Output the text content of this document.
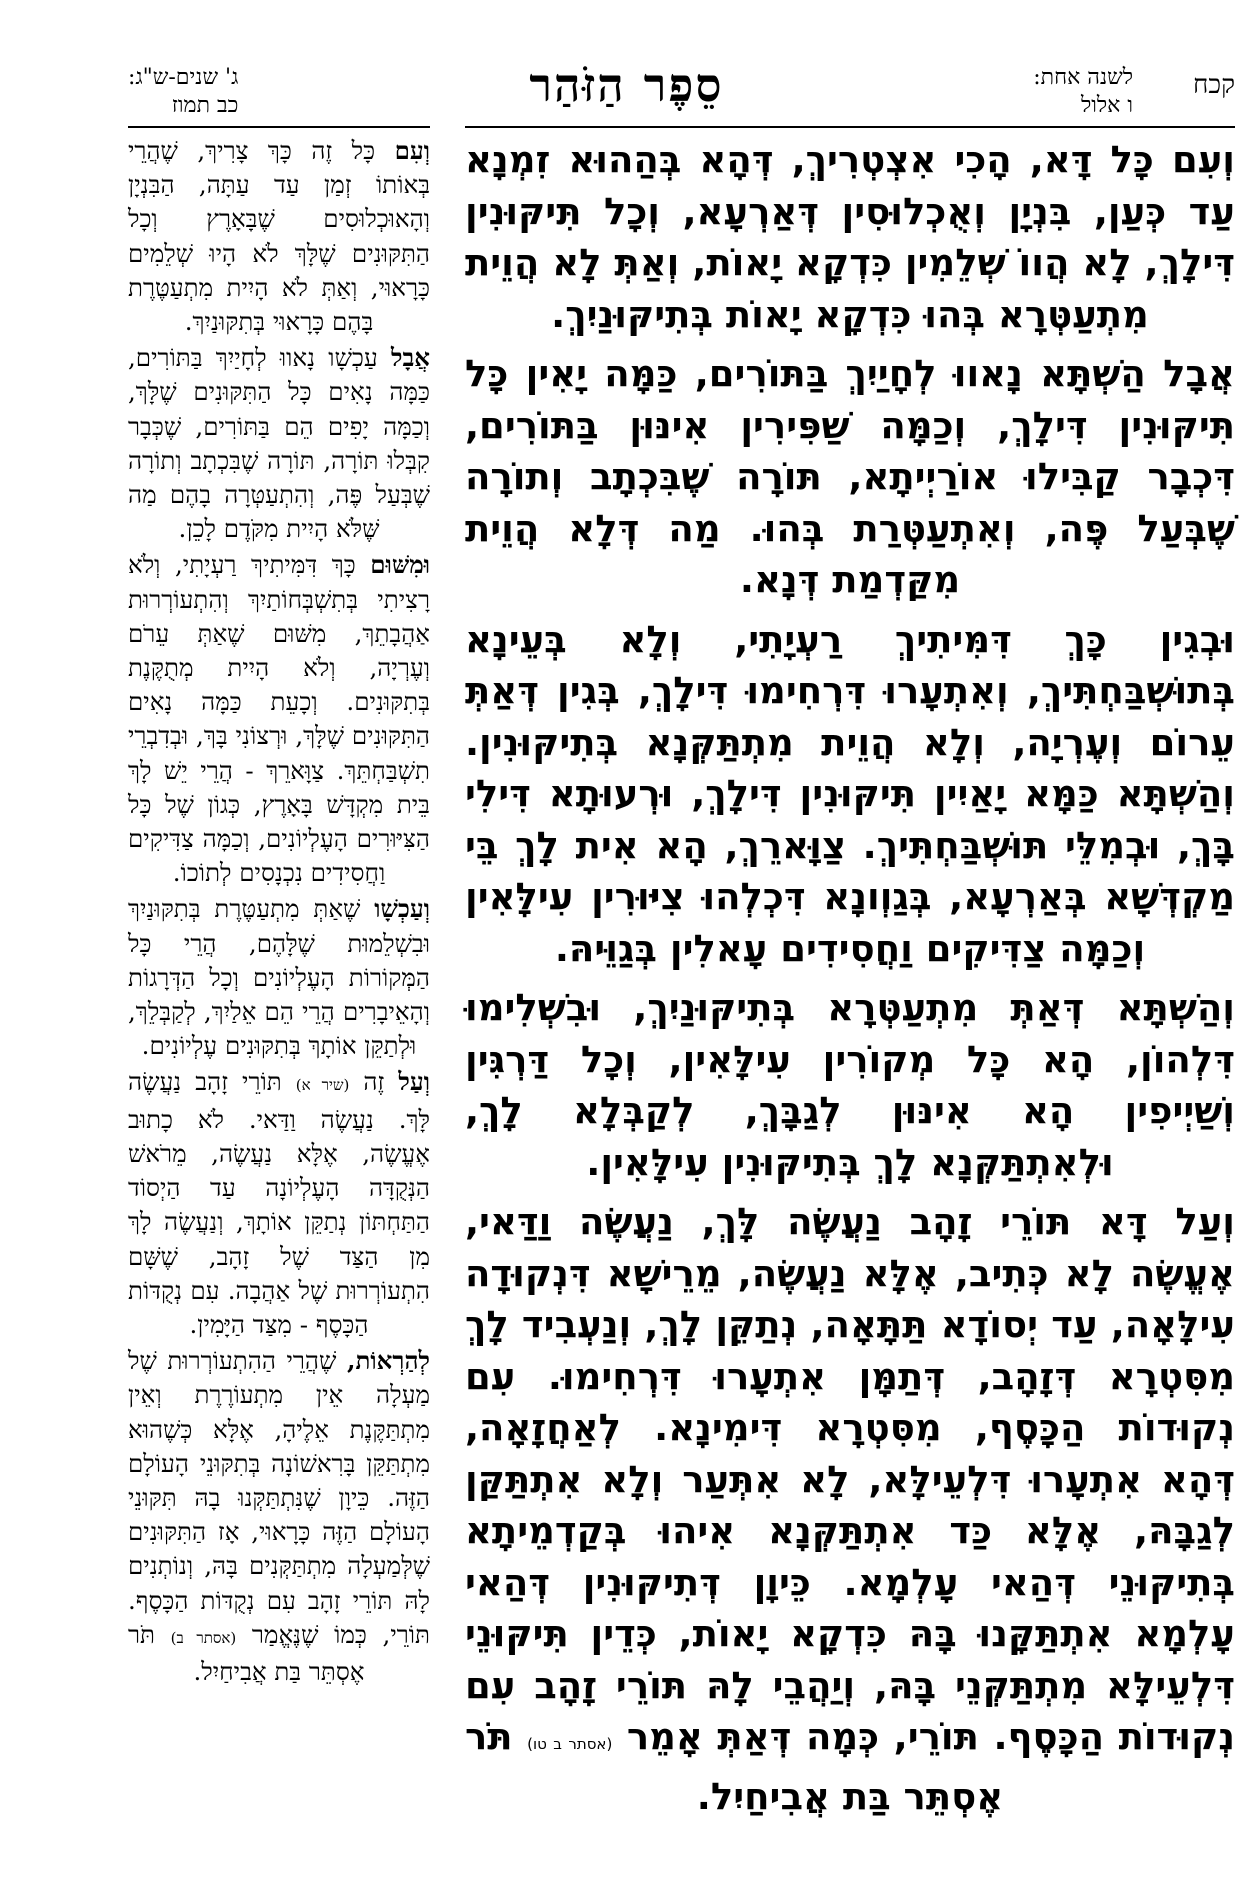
קכח
לשנה אחת:
ו אלול
סֵפֶר הַזֹּהַר
ג' שנים-ש"ג:
כב תמוז

וְעִם כָּל דָּא, הָכִי אִצְטְרִיךְ, דְּהָא בְּהַהוּא זִמְנָא עַד כְּעַן, בִּנְיָן וְאֻכְלוּסִין דְּאַרְעָא, וְכָל תִּיקּוּנִין דִּילָךְ, לָא הֲווֹ שְׁלֵמִין כִּדְקָא יָאוֹת, וְאַתְּ לָא הֲוֵית מִתְעַטְּרָא בְּהוּ כִּדְקָא יָאוֹת בְּתִיקּוּנַיִךְ.

אֲבָל הַשְׁתָּא נָאווּ לְחָיַיִךְ בַּתּוֹרִים, כַּמָּה יָאִין כָּל תִּיקּוּנִין דִּילָךְ, וְכַמָּה שַׁפִּירִין אִינּוּן בַּתּוֹרִים, דִּכְבָר קַבִּילוּ אוֹרַיְיתָא, תּוֹרָה שֶׁבִּכְתָב וְתוֹרָה שֶׁבְּעַל פֶּה, וְאִתְעַטְּרַת בְּהוּ. מַה דְּלָא הֲוֵית מִקַּדְמַת דְּנָא.

וּבְגִין כָּךְ דִּמִּיתִיךְ רַעְיָתִי, וְלָא בְּעֵינָא בְּתוּשְׁבַּחְתִּיךְ, וְאִתְעָרוּ דִּרְחִימוּ דִּילָךְ, בְּגִין דְּאַתְּ עֵרוֹם וְעֶרְיָה, וְלָא הֲוֵית מִתְתַּקְּנָא בְּתִיקּוּנִין. וְהַשְׁתָּא כַּמָּא יָאַיִין תִּיקּוּנִין דִּילָךְ, וּרְעוּתָא דִּילִי בָּךְ, וּבְמִלֵּי תּוּשְׁבַּחְתִּיךְ. צַוָּארֵךְ, הָא אִית לָךְ בֵּי מַקְדְּשָׁא בְּאַרְעָא, בְּגַוְונָא דִּכְלְהוּ צִיּוּרִין עִילָּאִין וְכַמָּה צַדִּיקִים וַחֲסִידִים עָאלִין בְּגַוֵּיהּ.

וְהַשְׁתָּא דְּאַתְּ מִתְעַטְּרָא בְּתִיקּוּנַיִךְ, וּבִשְׁלִימוּ דִּלְהוֹן, הָא כָּל מְקוֹרִין עִילָּאִין, וְכָל דַּרְגִּין וְשַׁיְיפִין הָא אִינּוּן לְגַבָּךְ, לְקַבְּלָא לָךְ, וּלְאִתְתַּקְּנָא לָךְ בְּתִיקּוּנִין עִילָּאִין.

וְעַל דָּא תּוֹרֵי זָהָב נַעֲשֶׂה לָּךְ, נַעֲשֶׂה וַדַּאי, אֶעֱשֶׂה לָא כְּתִיב, אֶלָּא נַעֲשֶׂה, מֵרֵישָׁא דִּנְקוּדָה עִילָּאָה, עַד יְסוֹדָא תַּתָּאָה, נְתַקֵּן לָךְ, וְנַעְבִיד לָךְ מִסִּטְרָא דְּזָהָב, דְּתַמָּן אִתְעָרוּ דִּרְחִימוּ. עִם נְקוּדוֹת הַכָּסֶף, מִסִּטְרָא דִּימִינָא. לְאַחֲזָאָה, דְּהָא אִתְעָרוּ דִּלְעֵילָּא, לָא אִתְּעַר וְלָא אִתְתַּקַּן לְגַבָּהּ, אֶלָּא כַּד אִתְתַּקְּנָא אִיהוּ בְּקַדְמֵיתָא בְּתִיקּוּנֵי דְּהַאי עָלְמָא. כֵּיוָן דְּתִיקּוּנִין דְּהַאי עָלְמָא אִתְתַּקָּנוּ בָּהּ כִּדְקָא יָאוֹת, כְּדֵין תִּיקּוּנֵי דִּלְעֵילָּא מִתְתַּקְּנֵי בָּהּ, וְיַהֲבֵי לָהּ תּוֹרֵי זָהָב עִם נְקוּדוֹת הַכָּסֶף. תּוֹרֵי, כְּמָה דְּאַתְּ אָמֵר (אסתר ב טו) תֹּר אֶסְתֵּר בַּת אֲבִיחַיִל.

וְעִם כָּל זֶה כָּךְ צָרִיךְ, שֶׁהֲרֵי בְּאוֹתוֹ זְמַן עַד עַתָּה, הַבִּנְיָן וְהָאוּכְלוּסִים שֶׁבָּאָרֶץ וְכָל הַתִּקּוּנִים שֶׁלָּךְ לֹא הָיוּ שְׁלֵמִים כָּרָאוּי, וְאַתְּ לֹא הָיִית מִתְעַטֶּרֶת בָּהֶם כָּרָאוּי בְּתִקּוּנַיִךְ.

אֲבָל עַכְשָׁו נָאווּ לְחָיַיִךְ בַּתּוֹרִים, כַּמָּה נָאִים כָּל הַתִּקּוּנִים שֶׁלָּךְ, וְכַמָּה יָפִים הֵם בַּתּוֹרִים, שֶׁכְּבָר קִבְּלוּ תּוֹרָה, תּוֹרָה שֶׁבִּכְתָב וְתוֹרָה שֶׁבְּעַל פֶּה, וְהִתְעַטְּרָה בָהֶם מַה שֶּׁלֹּא הָיִית מִקֹּדֶם לָכֵן.

וּמִשּׁוּם כָּךְ דִּמִּיתִיךְ רַעְיָתִי, וְלֹא רָצִיתִי בְּתִשְׁבְּחוֹתַיִךְ וְהִתְעוֹרְרוּת אַהֲבָתֵךְ, מִשּׁוּם שֶׁאַתְּ עֵרֹם וְעֶרְיָה, וְלֹא הָיִית מְתֻקֶּנֶת בְּתִקּוּנִים. וְכָעֵת כַּמָּה נָאִים הַתִּקּוּנִים שֶׁלָּךְ, וּרְצוֹנִי בָּךְ, וּבְדִבְרֵי תִשְׁבַּחְתֵּךְ. צַוָּארֵךְ - הֲרֵי יֵשׁ לָךְ בֵּית מִקְדָּשׁ בָּאָרֶץ, כְּגוֹן שֶׁל כָּל הַצִּיּוּרִים הָעֶלְיוֹנִים, וְכַמָּה צַדִּיקִים וַחֲסִידִים נִכְנָסִים לְתוֹכוֹ.

וְעַכְשָׁו שֶׁאַתְּ מִתְעַטֶּרֶת בְּתִקּוּנַיִךְ וּבִשְׁלֵמוּת שֶׁלָּהֶם, הֲרֵי כָּל הַמְּקוֹרוֹת הָעֶלְיוֹנִים וְכָל הַדְּרָגוֹת וְהָאֵיבָרִים הֲרֵי הֵם אֵלַיִךְ, לְקַבְּלֵךְ, וּלְתַקֵּן אוֹתָךְ בְּתִקּוּנִים עֶלְיוֹנִים.

וְעַל זֶה (שיר א) תּוֹרֵי זָהָב נַעֲשֶׂה לָּךְ. נַעֲשֶׂה וַדַּאי. לֹא כָתוּב אֶעֱשֶׂה, אֶלָּא נַעֲשֶׂה, מֵרֹאשׁ הַנְּקֻדָּה הָעֶלְיוֹנָה עַד הַיְסוֹד הַתַּחְתּוֹן נְתַקֵּן אוֹתָךְ, וְנַעֲשֶׂה לָךְ מִן הַצַּד שֶׁל זָהָב, שֶׁשָּׁם הִתְעוֹרְרוּת שֶׁל אַהֲבָה. עִם נְקֻדּוֹת הַכָּסֶף - מִצַּד הַיָּמִין.

לְהַרְאוֹת, שֶׁהֲרֵי הַהִתְעוֹרְרוּת שֶׁל מַעְלָה אֵין מִתְעוֹרֶרֶת וְאֵין מִתְתַּקֶּנֶת אֵלֶיהָ, אֶלָּא כְּשֶׁהוּא מִתְתַּקֵּן בָּרִאשׁוֹנָה בְּתִקּוּנֵי הָעוֹלָם הַזֶּה. כֵּיוָן שֶׁנִּתְתַּקְּנוּ בָהּ תִּקּוּנֵי הָעוֹלָם הַזֶּה כָּרָאוּי, אָז הַתִּקּוּנִים שֶׁלְּמַעְלָה מִתְתַּקְּנִים בָּהּ, וְנוֹתְנִים לָהּ תּוֹרֵי זָהָב עִם נְקֻדּוֹת הַכָּסֶף. תּוֹרֵי, כְּמוֹ שֶׁנֶּאֱמַר (אסתר ב) תֹּר אֶסְתֵּר בַּת אֲבִיחַיִל.
